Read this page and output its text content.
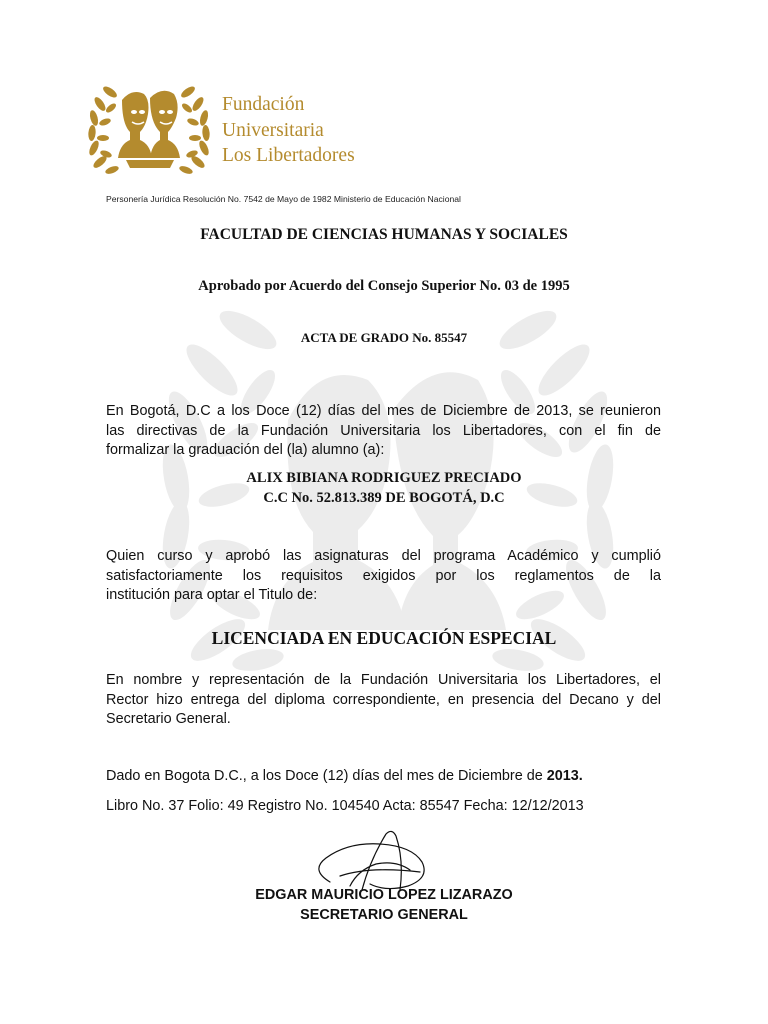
Fundación
Universitaria
Los Libertadores
Personería Jurídica Resolución No. 7542 de Mayo de 1982 Ministerio de Educación Nacional
FACULTAD DE CIENCIAS HUMANAS Y SOCIALES
Aprobado por Acuerdo del Consejo Superior No. 03 de 1995
ACTA DE GRADO No. 85547
En Bogotá, D.C a los Doce (12) días del mes de Diciembre de 2013, se reunieron
las directivas de la Fundación Universitaria los Libertadores, con el fin de
formalizar la graduación del (la) alumno (a):
ALIX BIBIANA RODRIGUEZ PRECIADO
C.C No. 52.813.389 DE BOGOTÁ, D.C
Quien curso y aprobó las asignaturas del programa Académico y cumplió
satisfactoriamente los requisitos exigidos por los reglamentos de la
institución para optar el Titulo de:
LICENCIADA EN EDUCACIÓN ESPECIAL
En nombre y representación de la Fundación Universitaria los Libertadores, el
Rector hizo entrega del diploma correspondiente, en presencia del Decano y del
Secretario General.
Dado en Bogota D.C., a los Doce (12) días del mes de Diciembre de 2013.
Libro No. 37 Folio: 49 Registro No. 104540 Acta: 85547 Fecha: 12/12/2013
EDGAR MAURICIO LOPEZ LIZARAZO
SECRETARIO GENERAL
